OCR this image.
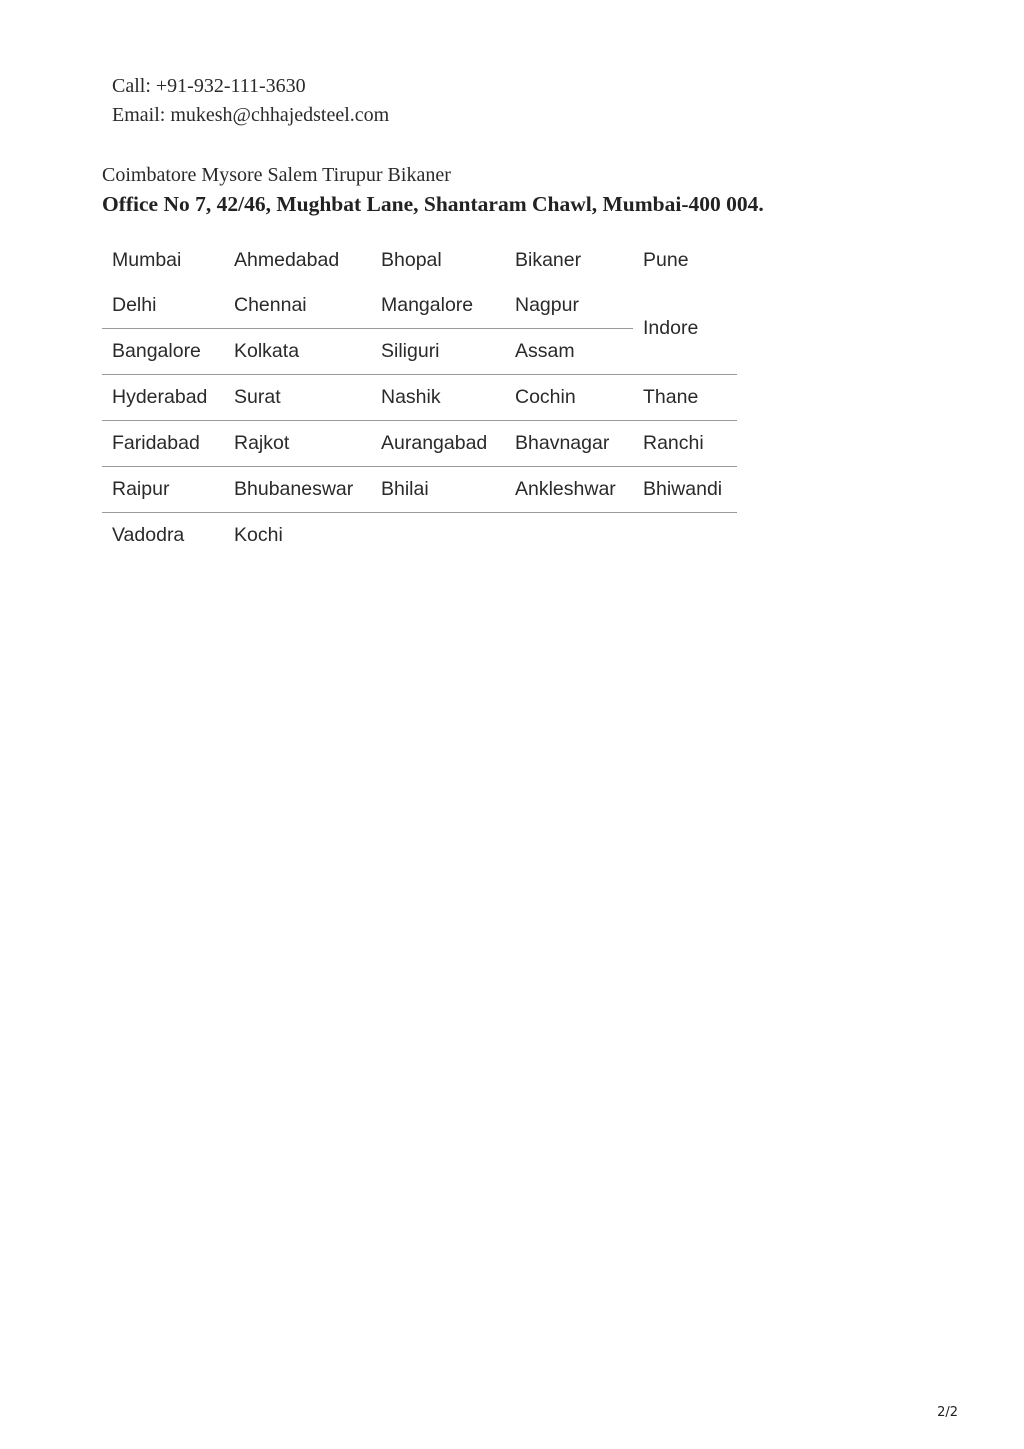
Call: +91-932-111-3630
Email: mukesh@chhajedsteel.com
Coimbatore Mysore Salem Tirupur Bikaner
Office No 7, 42/46, Mughbat Lane, Shantaram Chawl, Mumbai-400 004.
Mumbai	Ahmedabad	Bhopal	Bikaner	Pune
Delhi	Chennai	Mangalore	Nagpur	Indore
Bangalore	Kolkata	Siliguri	Assam	
Hyderabad	Surat	Nashik	Cochin	Thane
Faridabad	Rajkot	Aurangabad	Bhavnagar	Ranchi
Raipur	Bhubaneswar	Bhilai	Ankleshwar	Bhiwandi
Vadodra	Kochi			
2/2
